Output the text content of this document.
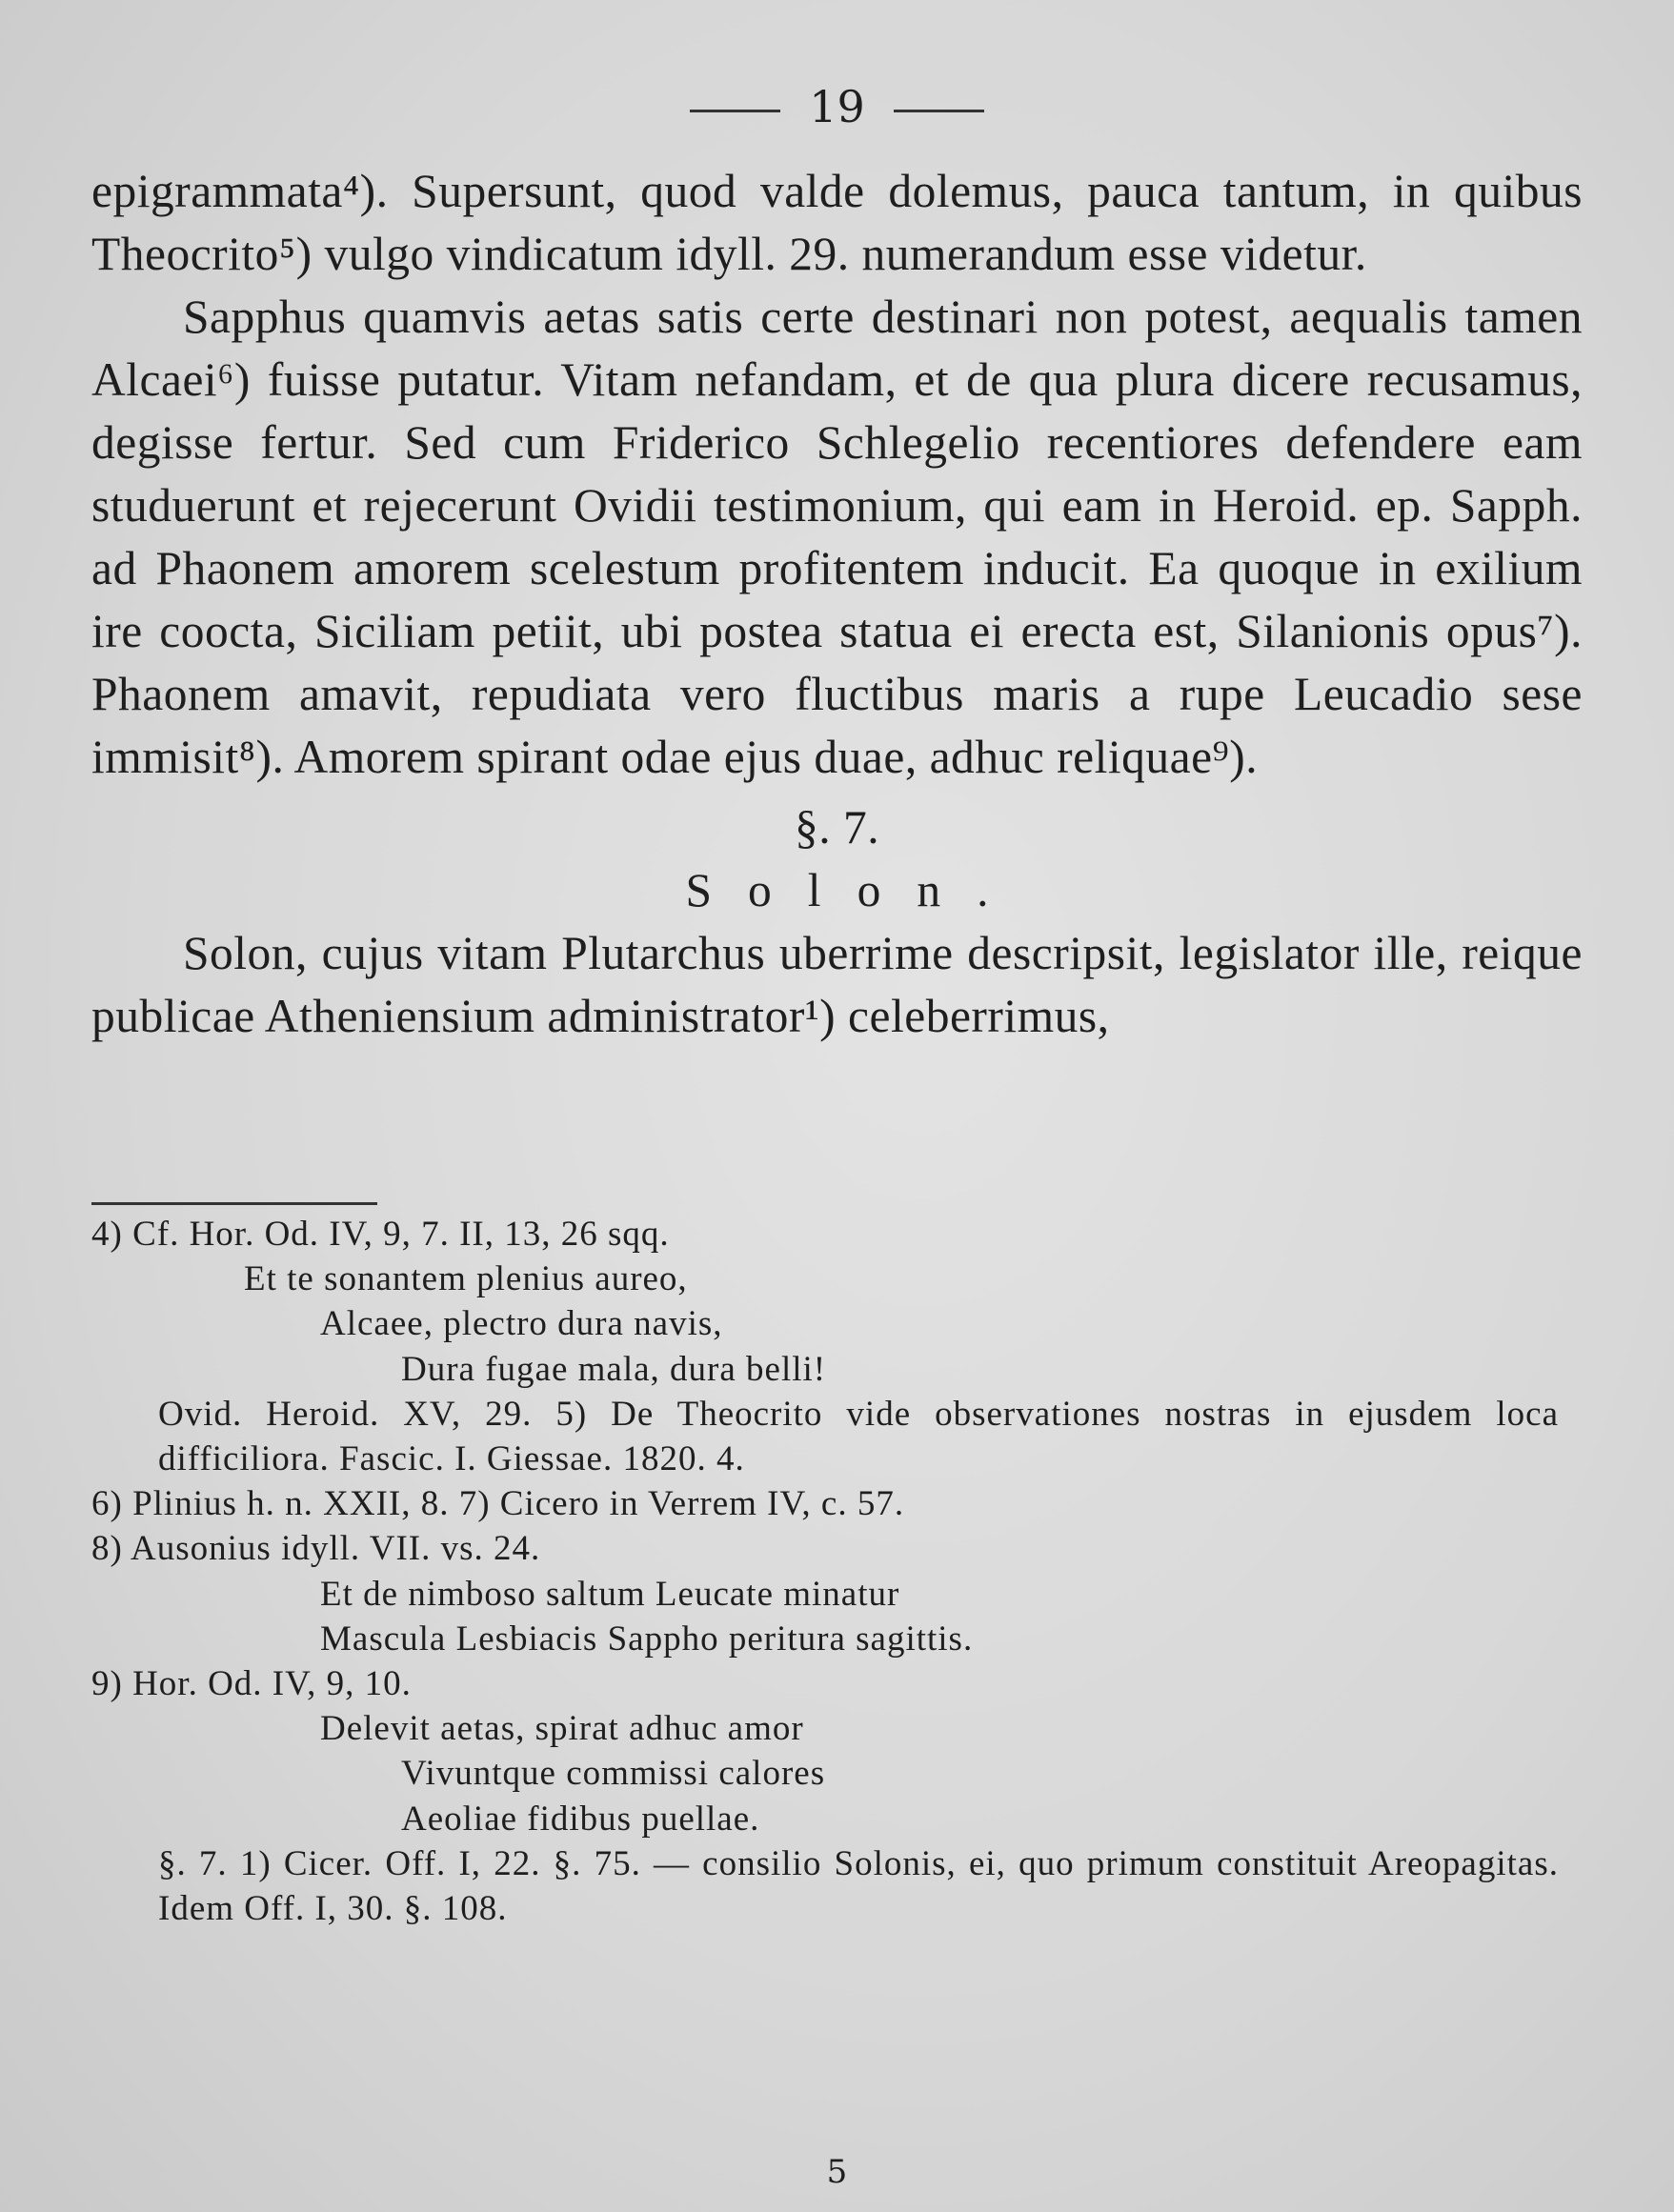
19

epigrammata⁴). Supersunt, quod valde dolemus, pauca tantum, in quibus Theocrito⁵) vulgo vindicatum idyll. 29. numerandum esse videtur.

Sapphus quamvis aetas satis certe destinari non potest, aequalis tamen Alcaei⁶) fuisse putatur. Vitam nefandam, et de qua plura dicere recusamus, degisse fertur. Sed cum Friderico Schlegelio recentiores defendere eam studuerunt et rejecerunt Ovidii testimonium, qui eam in Heroid. ep. Sapph. ad Phaonem amorem scelestum profitentem inducit. Ea quoque in exilium ire coocta, Siciliam petiit, ubi postea statua ei erecta est, Silanionis opus⁷). Phaonem amavit, repudiata vero fluctibus maris a rupe Leucadio sese immisit⁸). Amorem spirant odae ejus duae, adhuc reliquae⁹).

§. 7.

Solon.

Solon, cujus vitam Plutarchus uberrime descripsit, legislator ille, reique publicae Atheniensium administrator¹) celeberrimus,

4) Cf. Hor. Od. IV, 9, 7. II, 13, 26 sqq.

Et te sonantem plenius aureo,

Alcaee, plectro dura navis,

Dura fugae mala, dura belli!

Ovid. Heroid. XV, 29. 5) De Theocrito vide observationes nostras in ejusdem loca difficiliora. Fascic. I. Giessae. 1820. 4.

6) Plinius h. n. XXII, 8. 7) Cicero in Verrem IV, c. 57.

8) Ausonius idyll. VII. vs. 24.

Et de nimboso saltum Leucate minatur

Mascula Lesbiacis Sappho peritura sagittis.

9) Hor. Od. IV, 9, 10.

Delevit aetas, spirat adhuc amor

Vivuntque commissi calores

Aeoliae fidibus puellae.

§. 7. 1) Cicer. Off. I, 22. §. 75. — consilio Solonis, ei, quo primum constituit Areopagitas. Idem Off. I, 30. §. 108.

5
